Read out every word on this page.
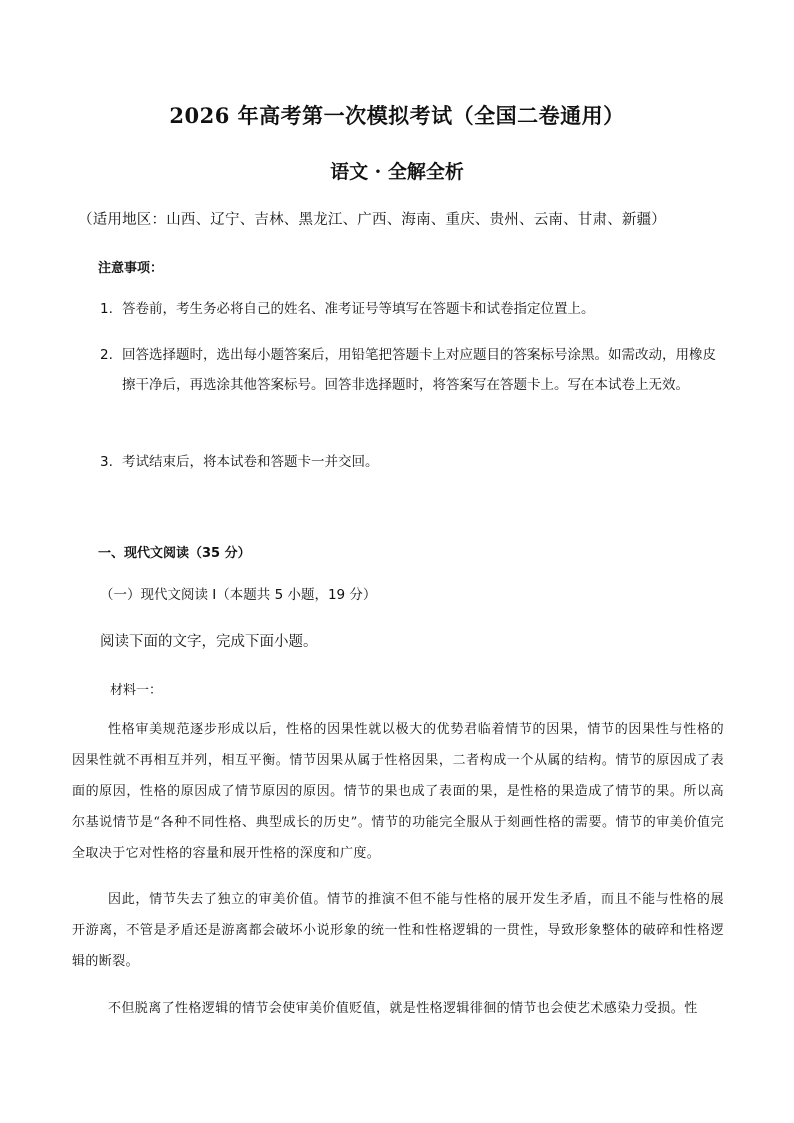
2026 年高考第一次模拟考试（全国二卷通用）
语文 · 全解全析
（适用地区：山西、辽宁、吉林、黑龙江、广西、海南、重庆、贵州、云南、甘肃、新疆）
注意事项：
1. 答卷前，考生务必将自己的姓名、准考证号等填写在答题卡和试卷指定位置上。
2. 回答选择题时，选出每小题答案后，用铅笔把答题卡上对应题目的答案标号涂黑。如需改动，用橡皮擦干净后，再选涂其他答案标号。回答非选择题时，将答案写在答题卡上。写在本试卷上无效。
3. 考试结束后，将本试卷和答题卡一并交回。
一、现代文阅读（35 分）
（一）现代文阅读 I（本题共 5 小题，19 分）
阅读下面的文字，完成下面小题。
材料一：
性格审美规范逐步形成以后，性格的因果性就以极大的优势君临着情节的因果，情节的因果性与性格的因果性就不再相互并列，相互平衡。情节因果从属于性格因果，二者构成一个从属的结构。情节的原因成了表面的原因，性格的原因成了情节原因的原因。情节的果也成了表面的果，是性格的果造成了情节的果。所以高尔基说情节是“各种不同性格、典型成长的历史”。情节的功能完全服从于刻画性格的需要。情节的审美价值完全取决于它对性格的容量和展开性格的深度和广度。
因此，情节失去了独立的审美价值。情节的推演不但不能与性格的展开发生矛盾，而且不能与性格的展开游离，不管是矛盾还是游离都会破坏小说形象的统一性和性格逻辑的一贯性，导致形象整体的破碎和性格逻辑的断裂。
不但脱离了性格逻辑的情节会使审美价值贬值，就是性格逻辑徘徊的情节也会使艺术感染力受损。性
